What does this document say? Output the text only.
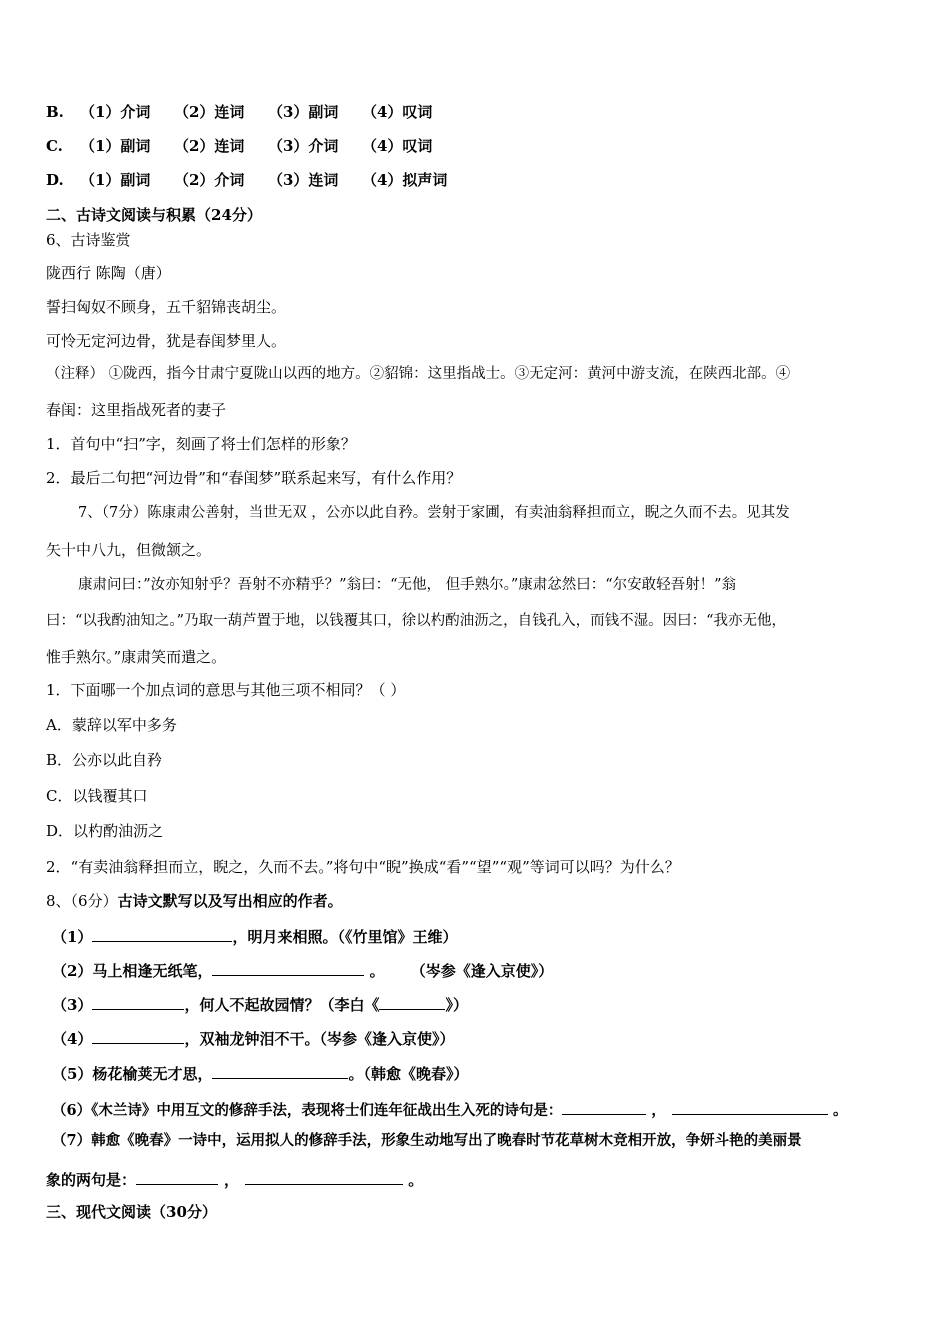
B. （1）介词 （2）连词 （3）副词 （4）叹词
C. （1）副词 （2）连词 （3）介词 （4）叹词
D. （1）副词 （2）介词 （3）连词 （4）拟声词
二、古诗文阅读与积累（24分）
6、古诗鉴赏
陇西行 陈陶（唐）
誓扫匈奴不顾身，五千貂锦丧胡尘。
可怜无定河边骨，犹是春闺梦里人。
（注释） ①陇西，指今甘肃宁夏陇山以西的地方。②貂锦：这里指战士。③无定河：黄河中游支流，在陕西北部。④
春闺：这里指战死者的妻子
1．首句中“扫”字，刻画了将士们怎样的形象？
2．最后二句把“河边骨”和“春闺梦”联系起来写，有什么作用？
7、（7分）陈康肃公善射，当世无双 ，公亦以此自矜。尝射于家圃，有卖油翁释担而立，睨之久而不去。见其发
矢十中八九，但微颔之。
康肃问曰：”汝亦知射乎？吾射不亦精乎？”翁曰：“无他， 但手熟尔。”康肃忿然曰：“尔安敢轻吾射！”翁
曰：“以我酌油知之。”乃取一葫芦置于地，以钱覆其口，徐以杓酌油沥之，自钱孔入，而钱不湿。因曰：“我亦无他，
惟手熟尔。”康肃笑而遣之。
1．下面哪一个加点词的意思与其他三项不相同？（ ）
A．蒙辞以军中多务
B．公亦以此自矜
C．以钱覆其口
D．以杓酌油沥之
2．“有卖油翁释担而立，睨之，久而不去。”将句中“睨”换成“看”“望”“观”等词可以吗？为什么？
8、（6分）古诗文默写以及写出相应的作者。
（1）	，明月来相照。（《竹里馆》王维）
（2）马上相逢无纸笔，	。     （岑参《逢入京使》）
（3）	，何人不起故园情？（李白《	》）
（4）	，双袖龙钟泪不干。（岑参《逢入京使》）
（5）杨花榆荚无才思，	。（韩愈《晚春》）
（6）《木兰诗》中用互文的修辞手法，表现将士们连年征战出生入死的诗句是：	，	。
（7）韩愈《晚春》一诗中，运用拟人的修辞手法，形象生动地写出了晚春时节花草树木竞相开放，争妍斗艳的美丽景
象的两句是：	，	。
三、现代文阅读（30分）
